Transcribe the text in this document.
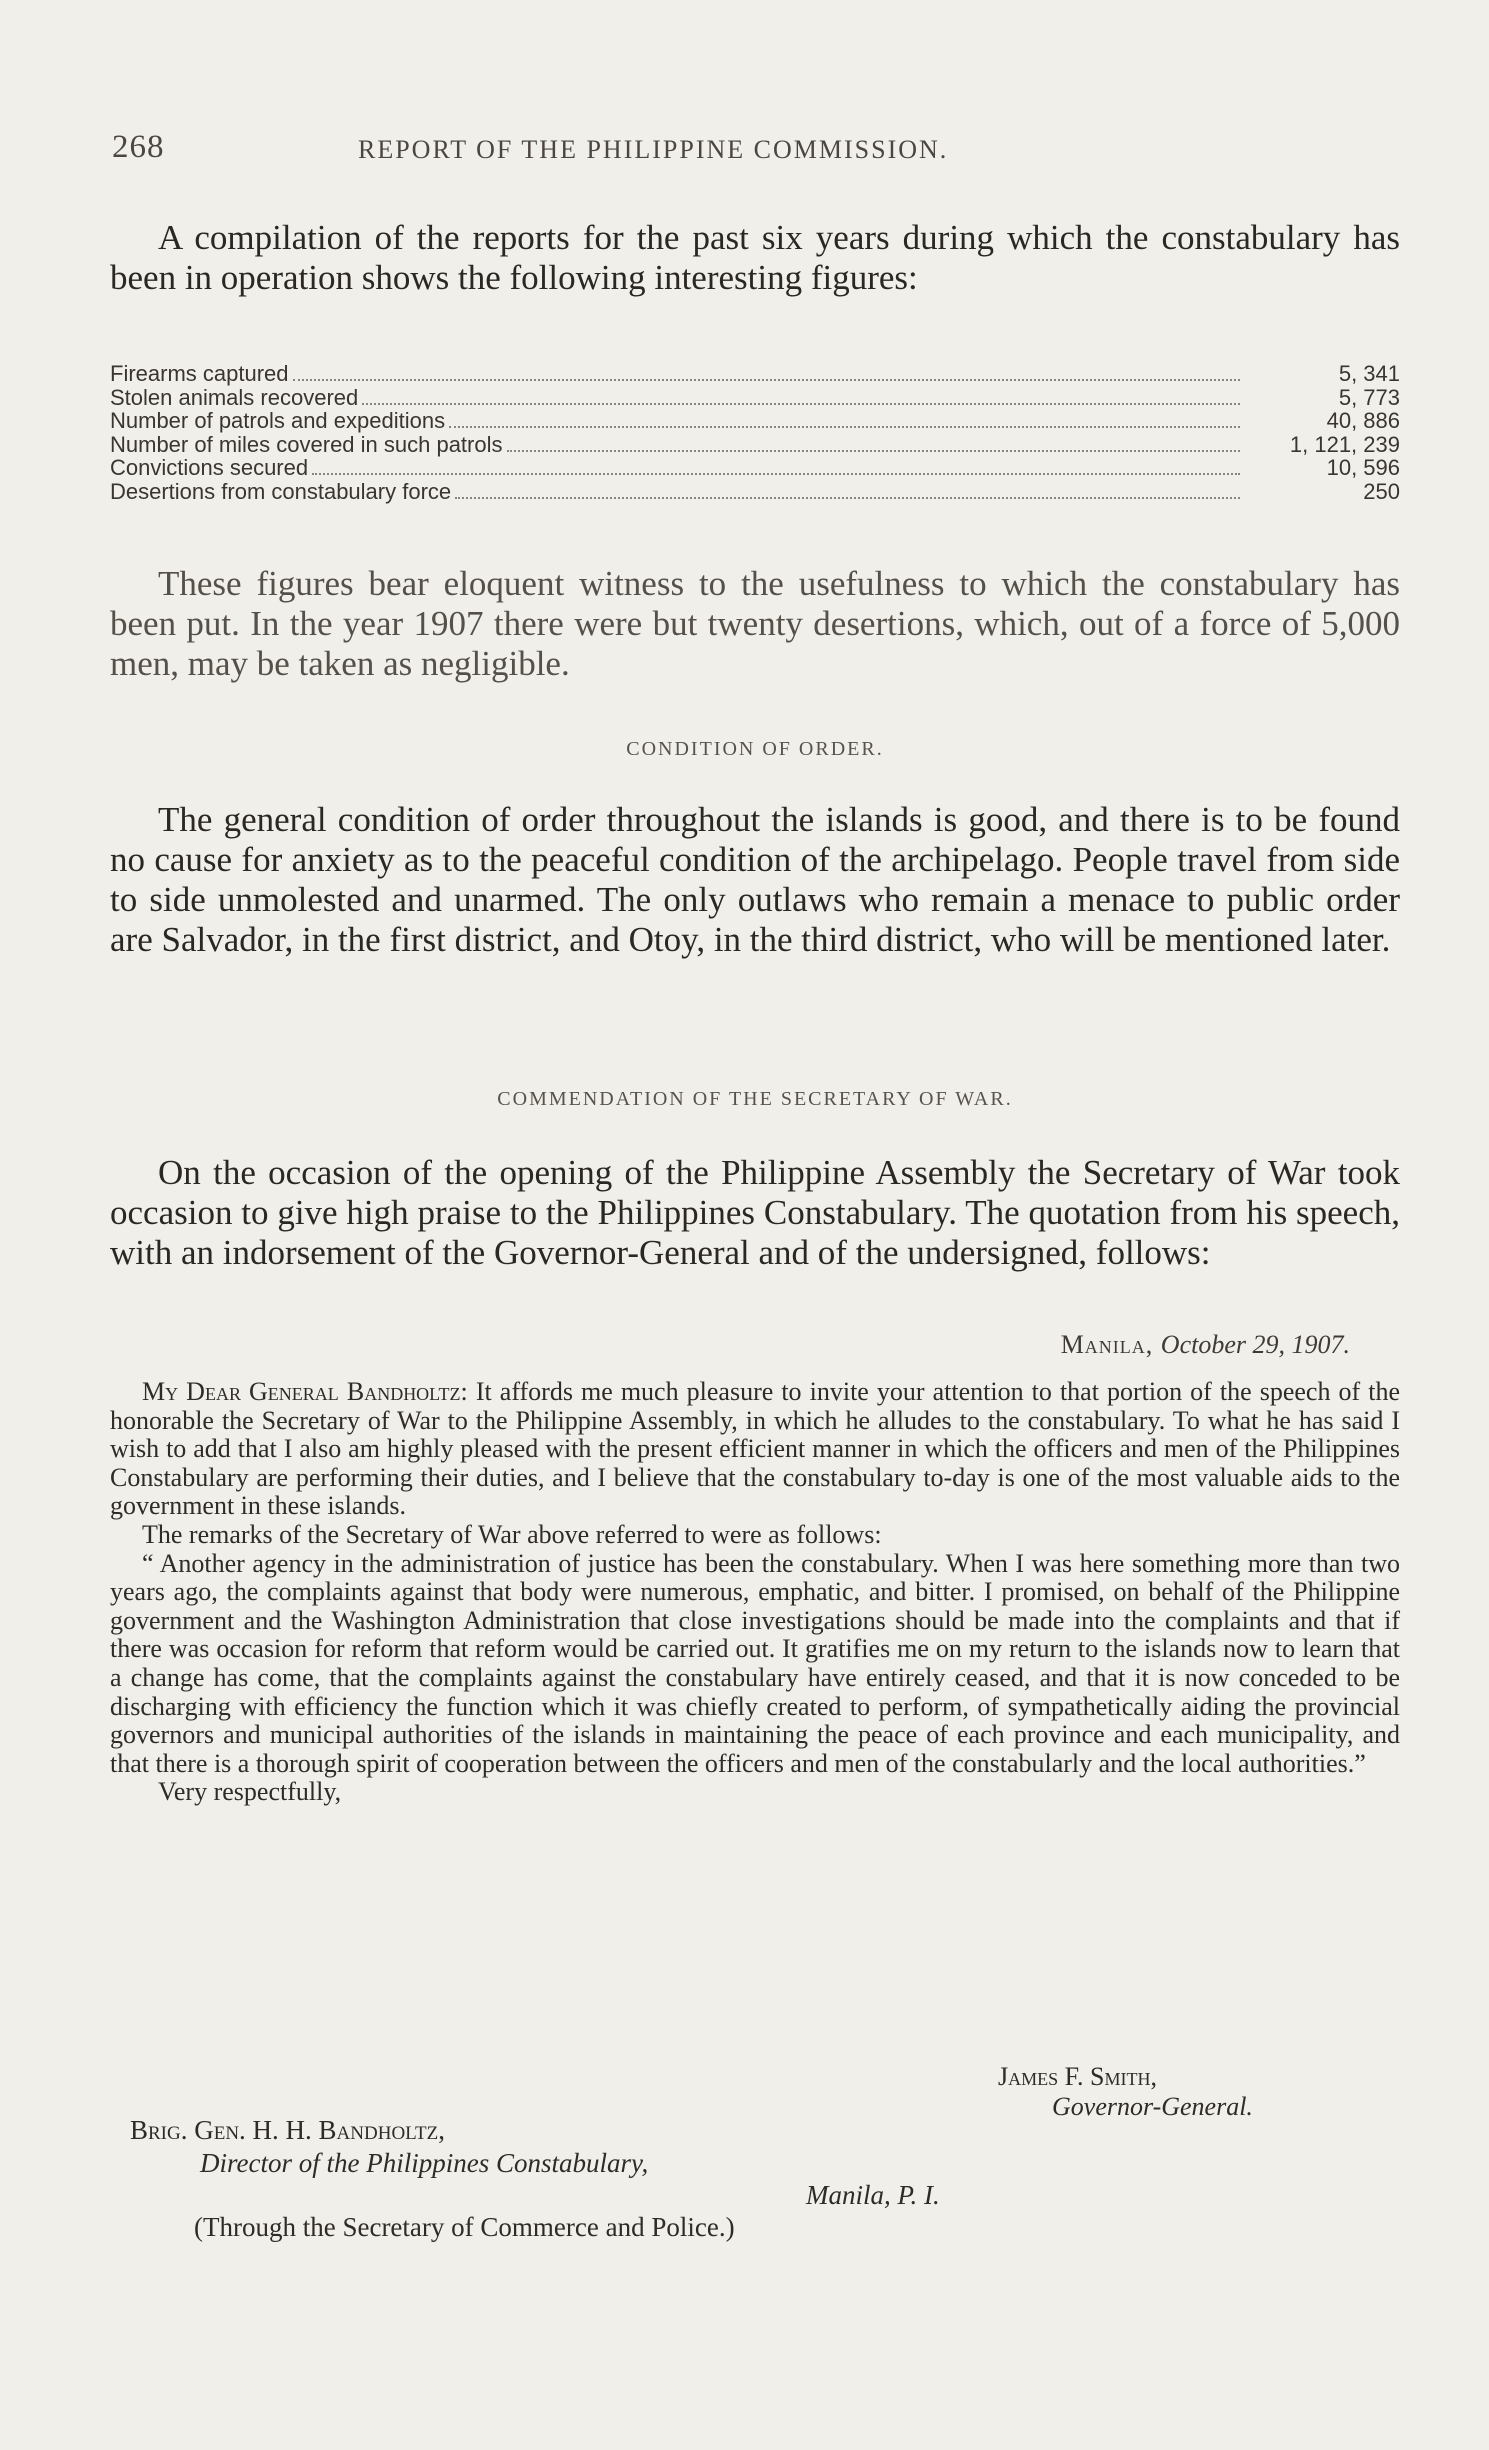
268	REPORT OF THE PHILIPPINE COMMISSION.

A compilation of the reports for the past six years during which the constabulary has been in operation shows the following interesting figures:

Firearms captured	5, 341
Stolen animals recovered	5, 773
Number of patrols and expeditions	40, 886
Number of miles covered in such patrols	1, 121, 239
Convictions secured	10, 596
Desertions from constabulary force	250

These figures bear eloquent witness to the usefulness to which the constabulary has been put. In the year 1907 there were but twenty desertions, which, out of a force of 5,000 men, may be taken as negligible.

CONDITION OF ORDER.

The general condition of order throughout the islands is good, and there is to be found no cause for anxiety as to the peaceful condition of the archipelago. People travel from side to side unmolested and unarmed. The only outlaws who remain a menace to public order are Salvador, in the first district, and Otoy, in the third district, who will be mentioned later.

COMMENDATION OF THE SECRETARY OF WAR.

On the occasion of the opening of the Philippine Assembly the Secretary of War took occasion to give high praise to the Philippines Constabulary. The quotation from his speech, with an indorsement of the Governor-General and of the undersigned, follows:

Manila, October 29, 1907.
My Dear General Bandholtz: It affords me much pleasure to invite your attention to that portion of the speech of the honorable the Secretary of War to the Philippine Assembly, in which he alludes to the constabulary. To what he has said I wish to add that I also am highly pleased with the present efficient manner in which the officers and men of the Philippines Constabulary are performing their duties, and I believe that the constabulary to-day is one of the most valuable aids to the government in these islands.
The remarks of the Secretary of War above referred to were as follows:
“ Another agency in the administration of justice has been the constabulary. When I was here something more than two years ago, the complaints against that body were numerous, emphatic, and bitter. I promised, on behalf of the Philippine government and the Washington Administration that close investigations should be made into the complaints and that if there was occasion for reform that reform would be carried out. It gratifies me on my return to the islands now to learn that a change has come, that the complaints against the constabulary have entirely ceased, and that it is now conceded to be discharging with efficiency the function which it was chiefly created to perform, of sympathetically aiding the provincial governors and municipal authorities of the islands in maintaining the peace of each province and each municipality, and that there is a thorough spirit of cooperation between the officers and men of the constabularly and the local authorities.”
Very respectfully,
James F. Smith,
Governor-General.
Brig. Gen. H. H. Bandholtz,
Director of the Philippines Constabulary,
Manila, P. I.
(Through the Secretary of Commerce and Police.)
